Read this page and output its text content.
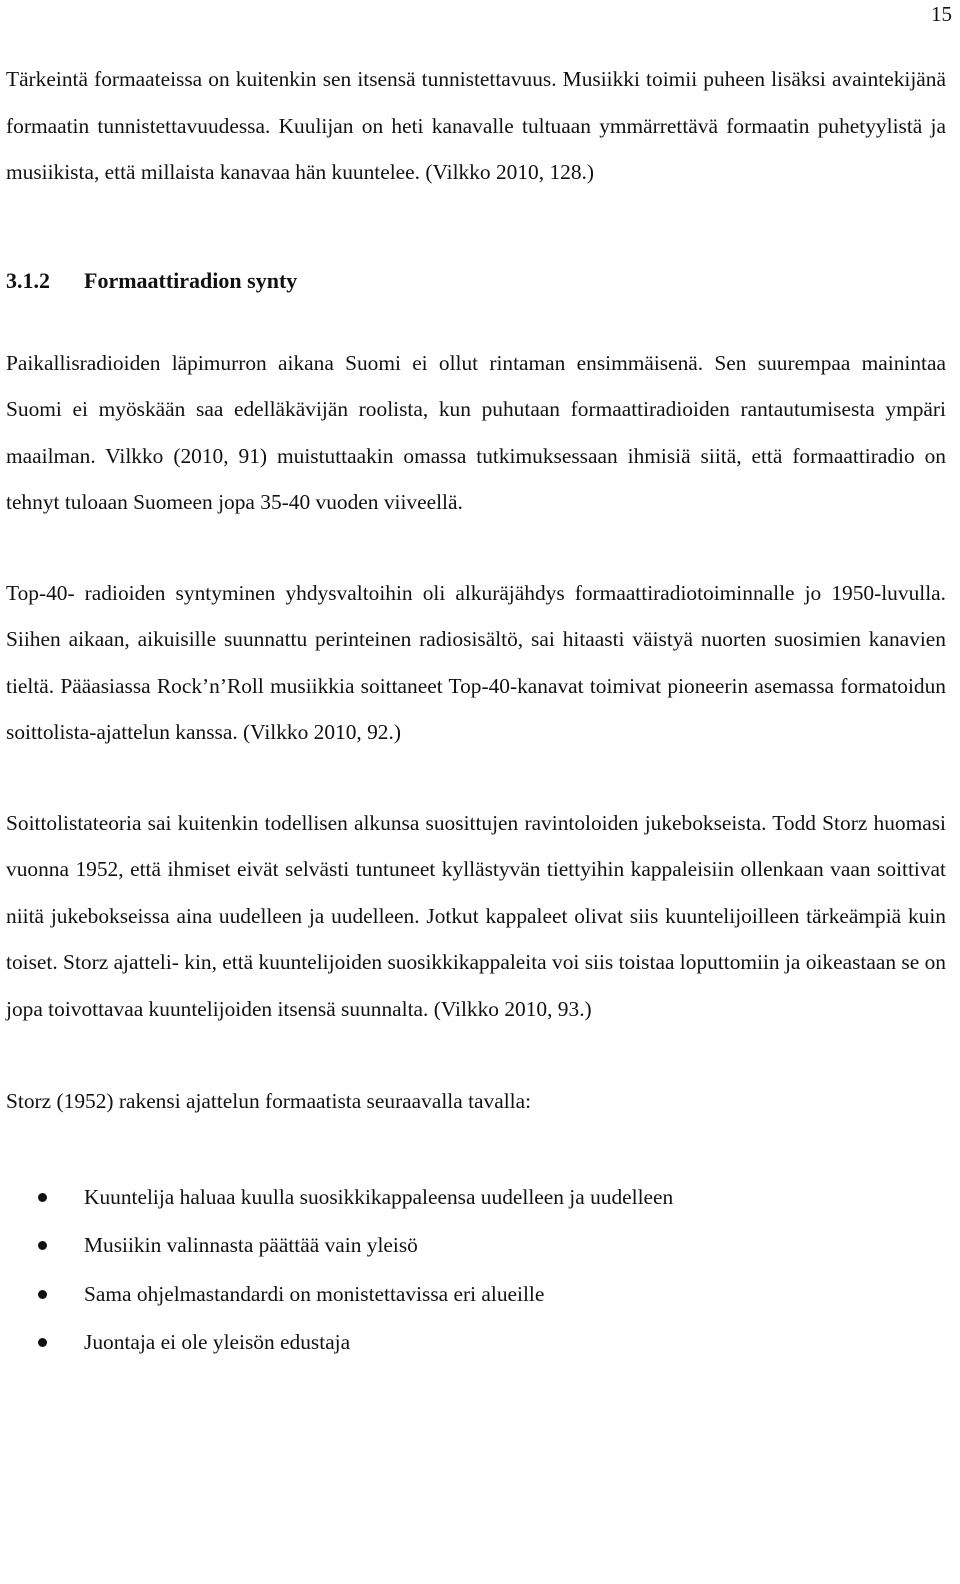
15

Tärkeintä formaateissa on kuitenkin sen itsensä tunnistettavuus. Musiikki toimii puheen lisäksi avaintekijänä formaatin tunnistettavuudessa. Kuulijan on heti kanavalle tultuaan ymmärrettävä formaatin puhetyylistä ja musiikista, että millaista kanavaa hän kuuntelee. (Vilkko 2010, 128.)

3.1.2 Formaattiradion synty

Paikallisradioiden läpimurron aikana Suomi ei ollut rintaman ensimmäisenä. Sen suurempaa mainintaa Suomi ei myöskään saa edelläkävijän roolista, kun puhutaan formaattiradioiden rantautumisesta ympäri maailman. Vilkko (2010, 91) muistuttaakin omassa tutkimuksessaan ihmisiä siitä, että formaattiradio on tehnyt tuloaan Suomeen jopa 35-40 vuoden viiveellä.

Top-40- radioiden syntyminen yhdysvaltoihin oli alkuräjähdys formaattiradiotoiminnalle jo 1950-luvulla. Siihen aikaan, aikuisille suunnattu perinteinen radiosisältö, sai hitaasti väistyä nuorten suosimien kanavien tieltä. Pääasiassa Rock’n’Roll musiikkia soittaneet Top-40-kanavat toimivat pioneerin asemassa formatoidun soittolista-ajattelun kanssa. (Vilkko 2010, 92.)

Soittolistateoria sai kuitenkin todellisen alkunsa suosittujen ravintoloiden jukebokseista. Todd Storz huomasi vuonna 1952, että ihmiset eivät selvästi tuntuneet kyllästyvän tiettyihin kappaleisiin ollenkaan vaan soittivat niitä jukebokseissa aina uudelleen ja uudelleen. Jotkut kappaleet olivat siis kuuntelijoilleen tärkeämpiä kuin toiset. Storz ajatteli- kin, että kuuntelijoiden suosikkikappaleita voi siis toistaa loputtomiin ja oikeastaan se on jopa toivottavaa kuuntelijoiden itsensä suunnalta. (Vilkko 2010, 93.)

Storz (1952) rakensi ajattelun formaatista seuraavalla tavalla:

Kuuntelija haluaa kuulla suosikkikappaleensa uudelleen ja uudelleen
Musiikin valinnasta päättää vain yleisö
Sama ohjelmastandardi on monistettavissa eri alueille
Juontaja ei ole yleisön edustaja
